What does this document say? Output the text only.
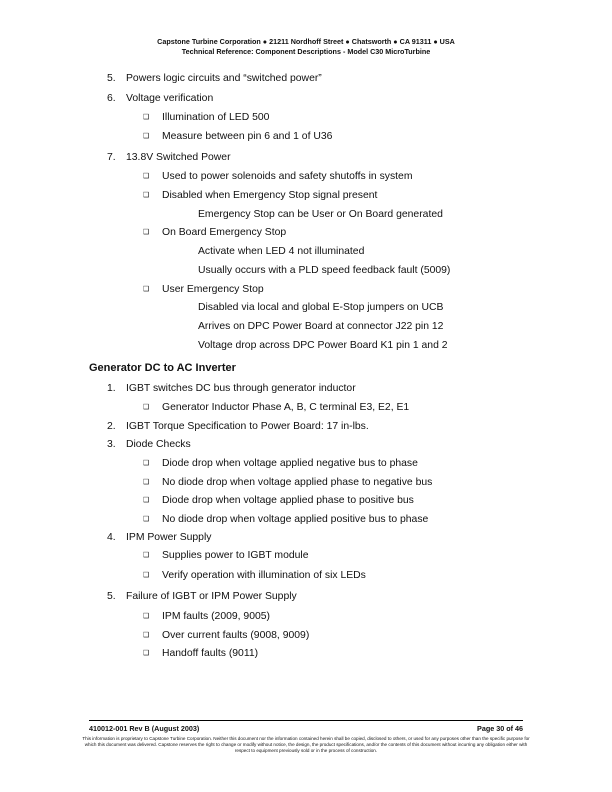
Capstone Turbine Corporation ● 21211 Nordhoff Street ● Chatsworth ● CA 91311 ● USA
Technical Reference: Component Descriptions - Model C30 MicroTurbine
5. Powers logic circuits and “switched power”
6. Voltage verification
❑ Illumination of LED 500
❑ Measure between pin 6 and 1 of U36
7. 13.8V Switched Power
❑ Used to power solenoids and safety shutoffs in system
❑ Disabled when Emergency Stop signal present
Emergency Stop can be User or On Board generated
❑ On Board Emergency Stop
Activate when LED 4 not illuminated
Usually occurs with a PLD speed feedback fault (5009)
❑ User Emergency Stop
Disabled via local and global E-Stop jumpers on UCB
Arrives on DPC Power Board at connector J22 pin 12
Voltage drop across DPC Power Board K1 pin 1 and 2
Generator DC to AC Inverter
1. IGBT switches DC bus through generator inductor
❑ Generator Inductor Phase A, B, C terminal E3, E2, E1
2. IGBT Torque Specification to Power Board: 17 in-lbs.
3. Diode Checks
❑ Diode drop when voltage applied negative bus to phase
❑ No diode drop when voltage applied phase to negative bus
❑ Diode drop when voltage applied phase to positive bus
❑ No diode drop when voltage applied positive bus to phase
4. IPM Power Supply
❑ Supplies power to IGBT module
❑ Verify operation with illumination of six LEDs
5. Failure of IGBT or IPM Power Supply
❑ IPM faults (2009, 9005)
❑ Over current faults (9008, 9009)
❑ Handoff faults (9011)
410012-001 Rev B (August 2003)	Page 30 of 46
This information is proprietary to Capstone Turbine Corporation. Neither this document nor the information contained herein shall be copied, disclosed to others, or used for any purposes other than the specific purpose for which this document was delivered. Capstone reserves the right to change or modify without notice, the design, the product specifications, and/or the contents of this document without incurring any obligation either with respect to equipment previously sold or in the process of construction.
